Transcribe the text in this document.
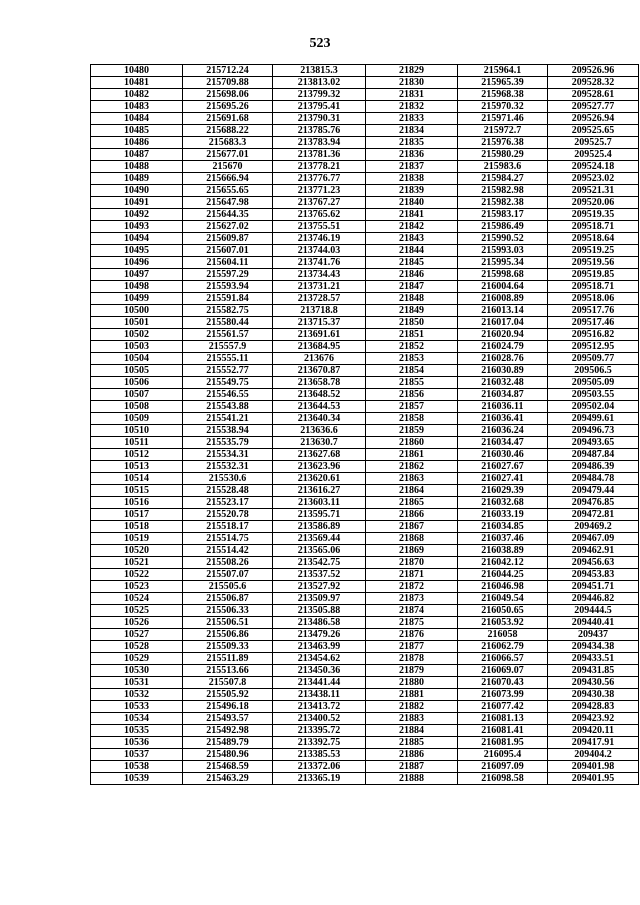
523
10480	215712.24	213815.3	21829	215964.1	209526.96
10481	215709.88	213813.02	21830	215965.39	209528.32
10482	215698.06	213799.32	21831	215968.38	209528.61
10483	215695.26	213795.41	21832	215970.32	209527.77
10484	215691.68	213790.31	21833	215971.46	209526.94
10485	215688.22	213785.76	21834	215972.7	209525.65
10486	215683.3	213783.94	21835	215976.38	209525.7
10487	215677.01	213781.36	21836	215980.29	209525.4
10488	215670	213778.21	21837	215983.6	209524.18
10489	215666.94	213776.77	21838	215984.27	209523.02
10490	215655.65	213771.23	21839	215982.98	209521.31
10491	215647.98	213767.27	21840	215982.38	209520.06
10492	215644.35	213765.62	21841	215983.17	209519.35
10493	215627.02	213755.51	21842	215986.49	209518.71
10494	215609.87	213746.19	21843	215990.52	209518.64
10495	215607.01	213744.03	21844	215993.03	209519.25
10496	215604.11	213741.76	21845	215995.34	209519.56
10497	215597.29	213734.43	21846	215998.68	209519.85
10498	215593.94	213731.21	21847	216004.64	209518.71
10499	215591.84	213728.57	21848	216008.89	209518.06
10500	215582.75	213718.8	21849	216013.14	209517.76
10501	215580.44	213715.37	21850	216017.04	209517.46
10502	215561.57	213691.61	21851	216020.94	209516.82
10503	215557.9	213684.95	21852	216024.79	209512.95
10504	215555.11	213676	21853	216028.76	209509.77
10505	215552.77	213670.87	21854	216030.89	209506.5
10506	215549.75	213658.78	21855	216032.48	209505.09
10507	215546.55	213648.52	21856	216034.87	209503.55
10508	215543.88	213644.53	21857	216036.11	209502.04
10509	215541.21	213640.34	21858	216036.41	209499.61
10510	215538.94	213636.6	21859	216036.24	209496.73
10511	215535.79	213630.7	21860	216034.47	209493.65
10512	215534.31	213627.68	21861	216030.46	209487.84
10513	215532.31	213623.96	21862	216027.67	209486.39
10514	215530.6	213620.61	21863	216027.41	209484.78
10515	215528.48	213616.27	21864	216029.39	209479.44
10516	215523.17	213603.11	21865	216032.68	209476.85
10517	215520.78	213595.71	21866	216033.19	209472.81
10518	215518.17	213586.89	21867	216034.85	209469.2
10519	215514.75	213569.44	21868	216037.46	209467.09
10520	215514.42	213565.06	21869	216038.89	209462.91
10521	215508.26	213542.75	21870	216042.12	209456.63
10522	215507.07	213537.52	21871	216044.25	209453.83
10523	215505.6	213527.92	21872	216046.98	209451.71
10524	215506.87	213509.97	21873	216049.54	209446.82
10525	215506.33	213505.88	21874	216050.65	209444.5
10526	215506.51	213486.58	21875	216053.92	209440.41
10527	215506.86	213479.26	21876	216058	209437
10528	215509.33	213463.99	21877	216062.79	209434.38
10529	215511.89	213454.62	21878	216066.57	209433.51
10530	215513.66	213450.36	21879	216069.07	209431.85
10531	215507.8	213441.44	21880	216070.43	209430.56
10532	215505.92	213438.11	21881	216073.99	209430.38
10533	215496.18	213413.72	21882	216077.42	209428.83
10534	215493.57	213400.52	21883	216081.13	209423.92
10535	215492.98	213395.72	21884	216081.41	209420.11
10536	215489.79	213392.75	21885	216081.95	209417.91
10537	215480.96	213385.53	21886	216095.4	209404.2
10538	215468.59	213372.06	21887	216097.09	209401.98
10539	215463.29	213365.19	21888	216098.58	209401.95
